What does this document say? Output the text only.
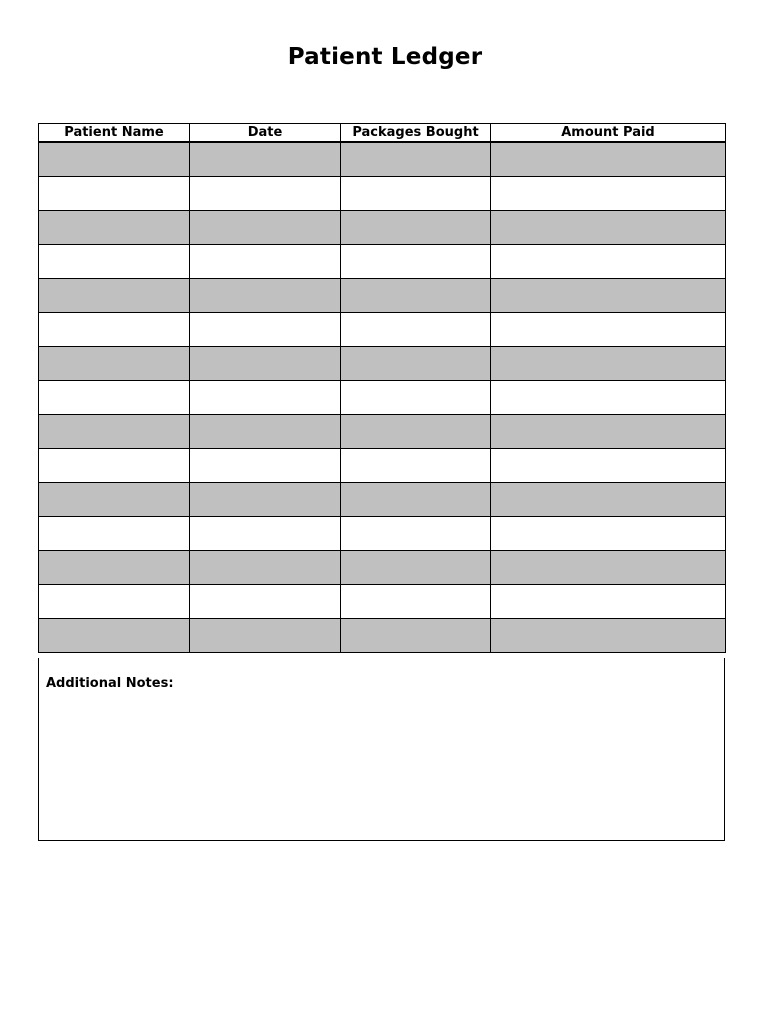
Patient Ledger
Patient Name	Date	Packages Bought	Amount Paid

Additional Notes:
